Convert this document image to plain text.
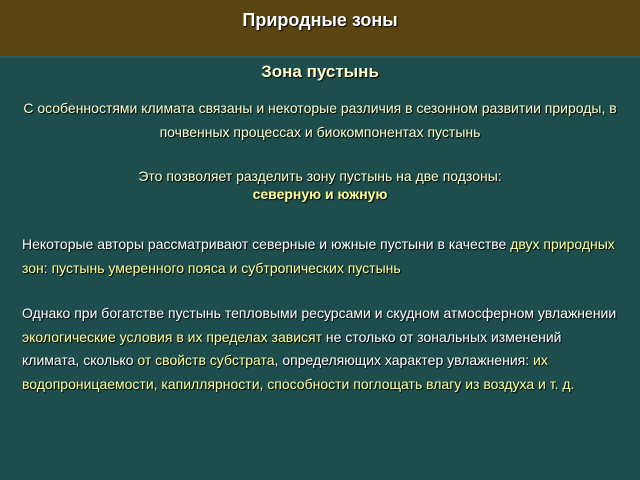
Природные зоны
Зона пустынь
С особенностями климата связаны и некоторые различия в сезонном развитии природы, в почвенных процессах и биокомпонентах пустынь
Это позволяет разделить зону пустынь на две подзоны:
северную и южную
Некоторые авторы рассматривают северные и южные пустыни в качестве двух природных зон: пустынь умеренного пояса и субтропических пустынь
Однако при богатстве пустынь тепловыми ресурсами и скудном атмосферном увлажнении экологические условия в их пределах зависят не столько от зональных изменений климата, сколько от свойств субстрата, определяющих характер увлажнения: их водопроницаемости, капиллярности, способности поглощать влагу из воздуха и т. д.
